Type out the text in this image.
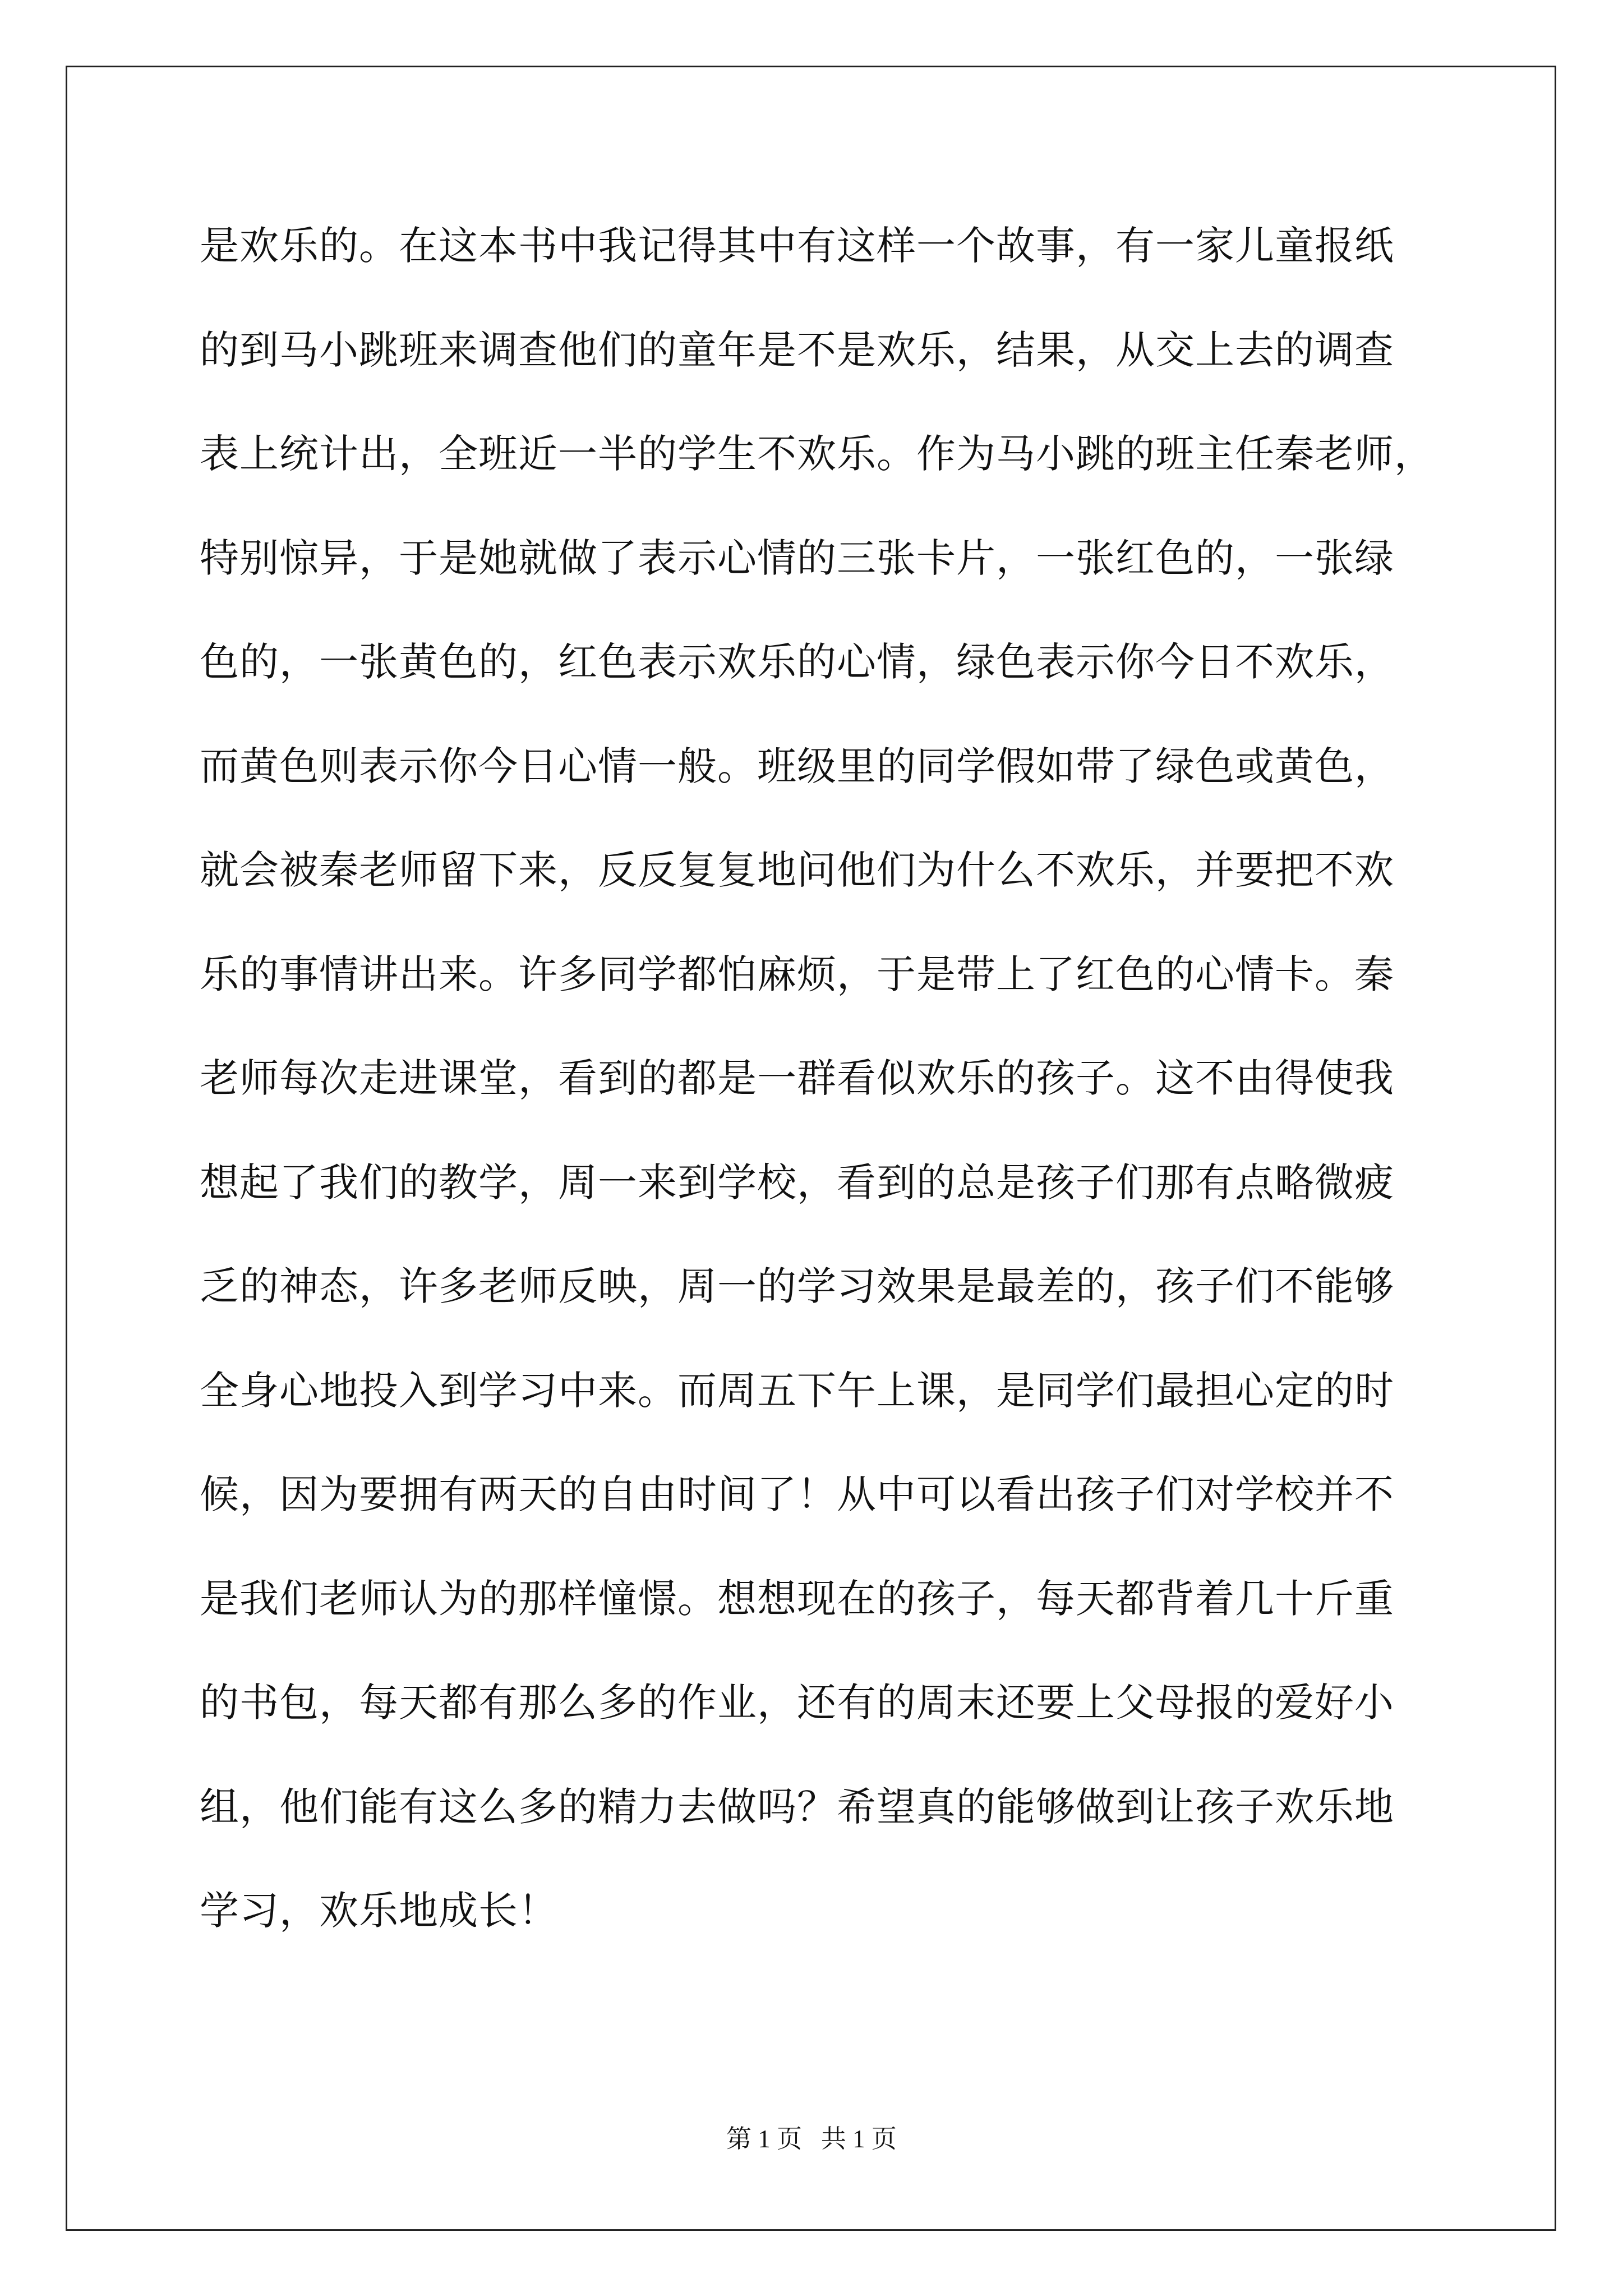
是欢乐的。在这本书中我记得其中有这样一个故事，有一家儿童报纸
的到马小跳班来调查他们的童年是不是欢乐，结果，从交上去的调查
表上统计出，全班近一半的学生不欢乐。作为马小跳的班主任秦老师，
特别惊异，于是她就做了表示心情的三张卡片，一张红色的，一张绿
色的，一张黄色的，红色表示欢乐的心情，绿色表示你今日不欢乐，
而黄色则表示你今日心情一般。班级里的同学假如带了绿色或黄色，
就会被秦老师留下来，反反复复地问他们为什么不欢乐，并要把不欢
乐的事情讲出来。许多同学都怕麻烦，于是带上了红色的心情卡。秦
老师每次走进课堂，看到的都是一群看似欢乐的孩子。这不由得使我
想起了我们的教学，周一来到学校，看到的总是孩子们那有点略微疲
乏的神态，许多老师反映，周一的学习效果是最差的，孩子们不能够
全身心地投入到学习中来。而周五下午上课，是同学们最担心定的时
候，因为要拥有两天的自由时间了！从中可以看出孩子们对学校并不
是我们老师认为的那样憧憬。想想现在的孩子，每天都背着几十斤重
的书包，每天都有那么多的作业，还有的周末还要上父母报的爱好小
组，他们能有这么多的精力去做吗？希望真的能够做到让孩子欢乐地
学习，欢乐地成长！
第 1 页   共 1 页
